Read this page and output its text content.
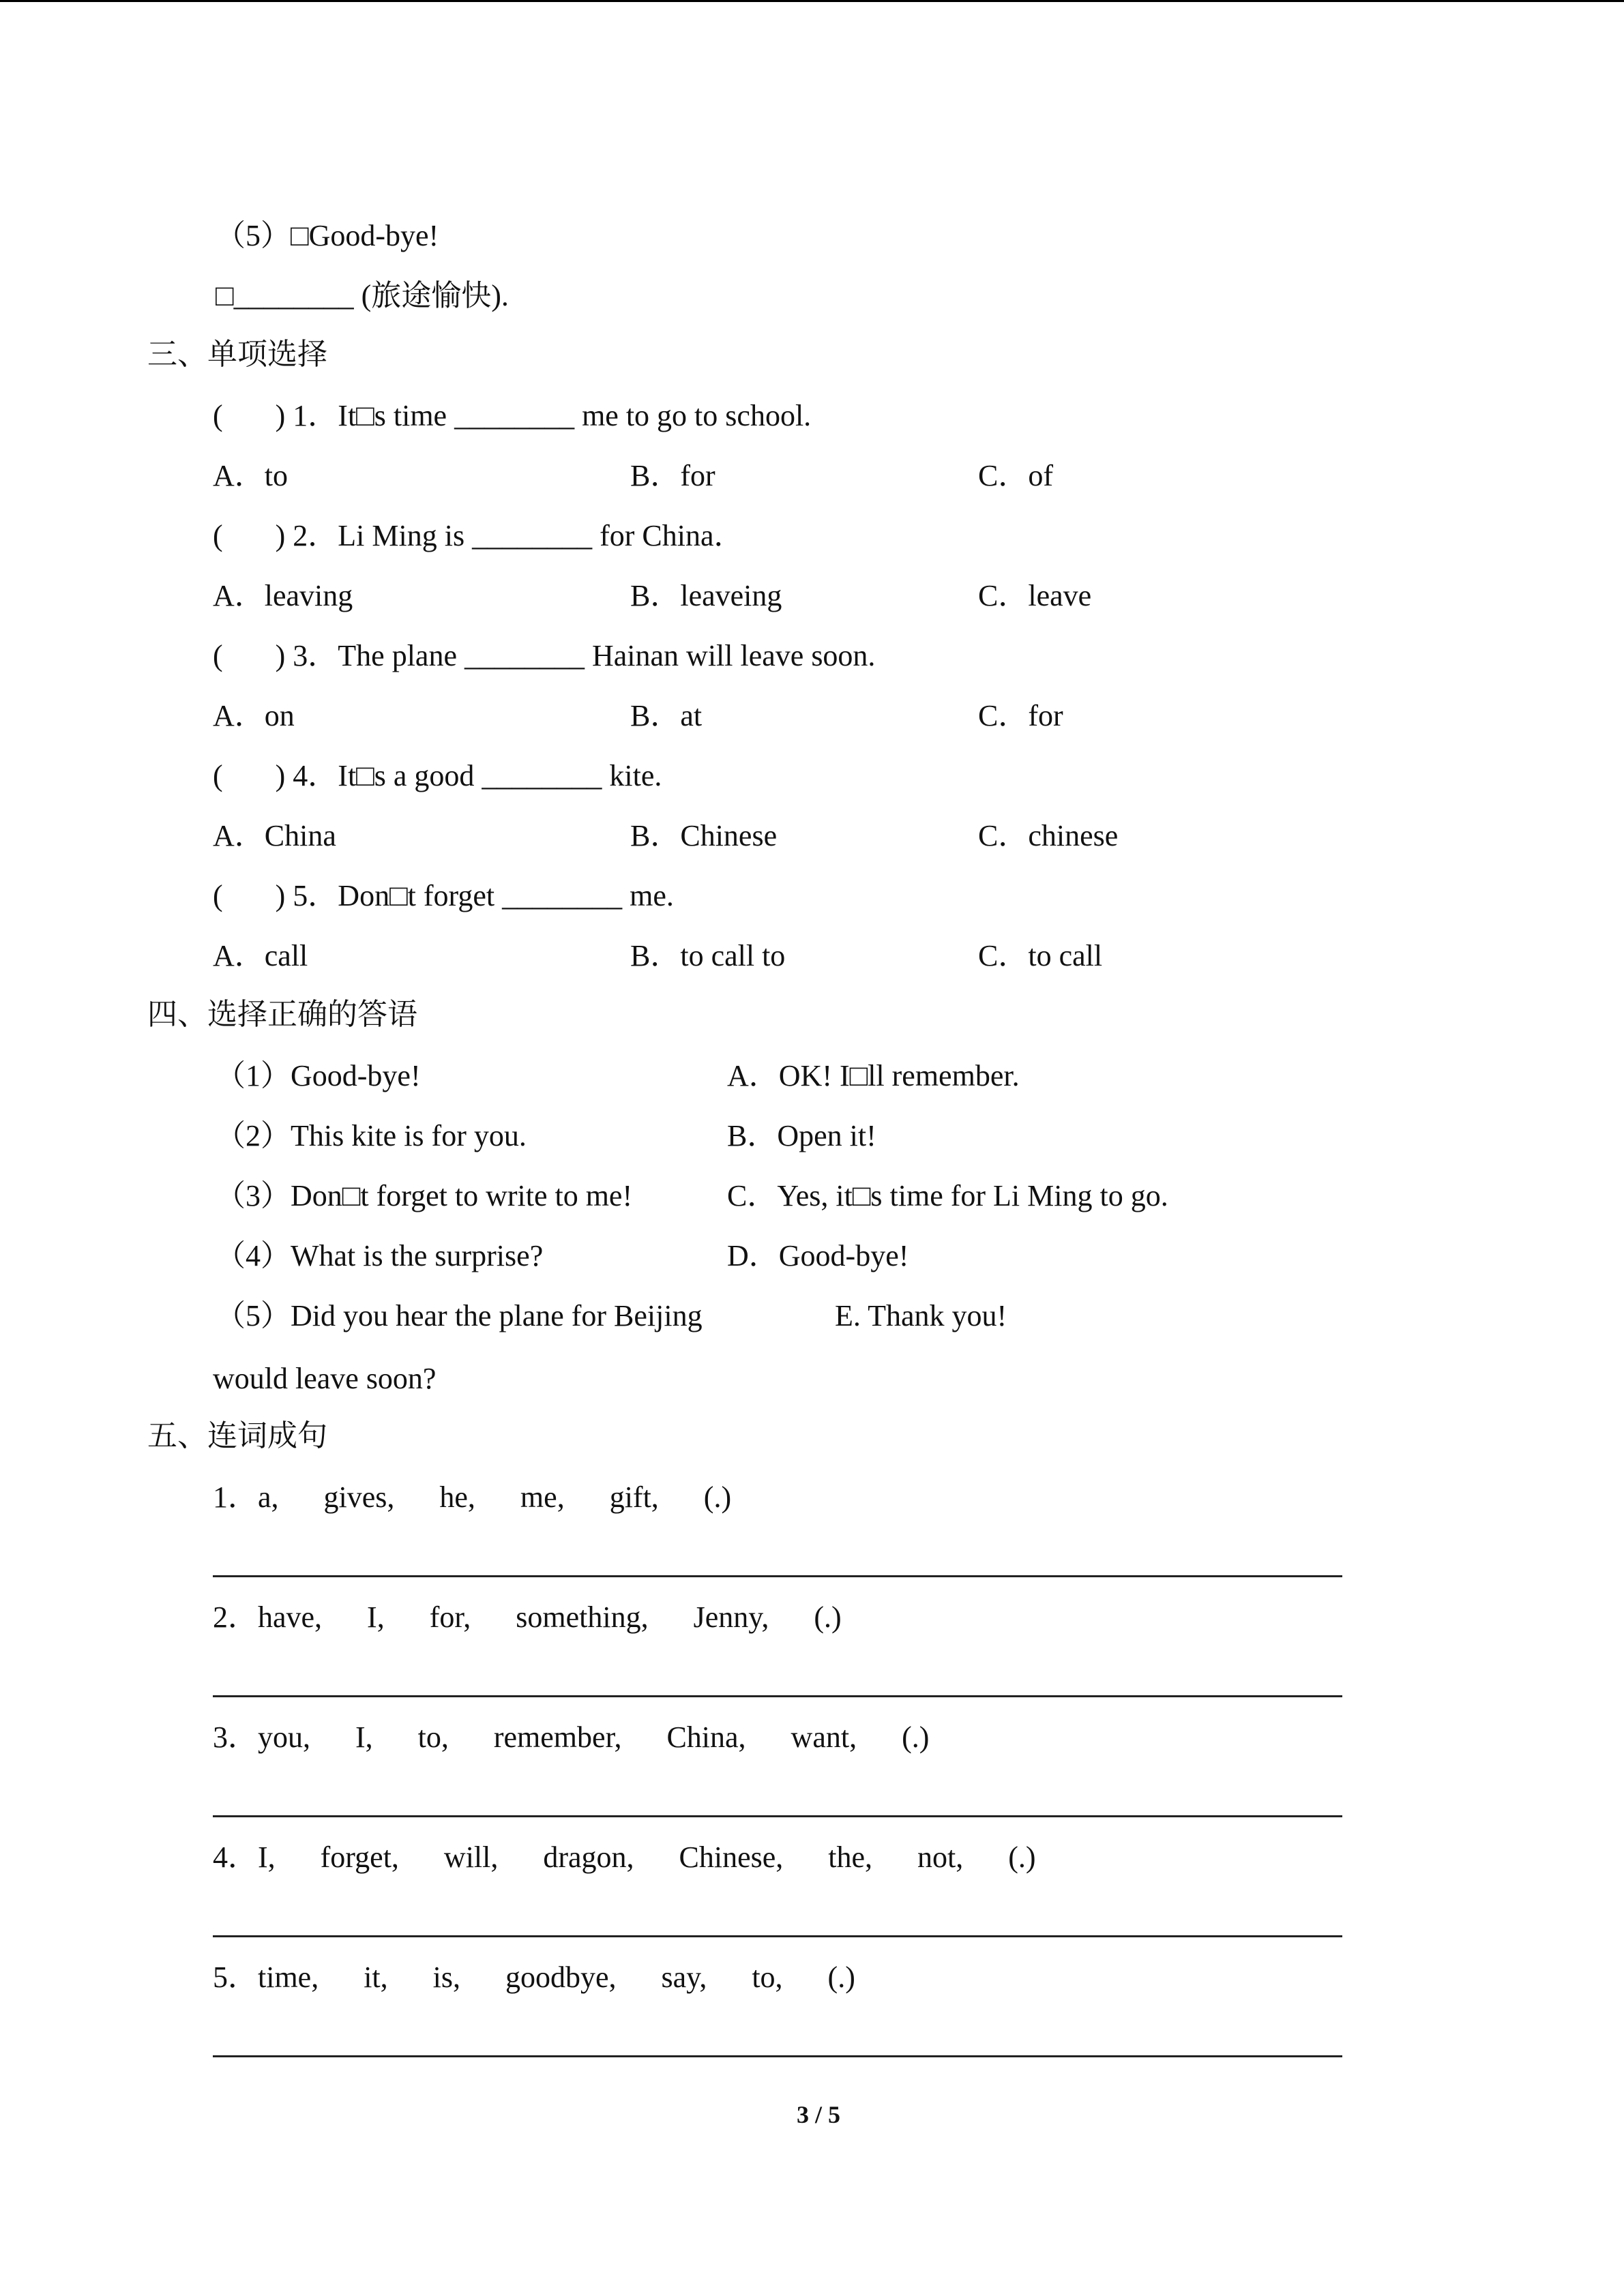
（5）□Good-bye!
□________ (旅途愉快).
三、单项选择
(       ) 1．It□s time ________ me to go to school.
A．to	B．for	C．of
(       ) 2．Li Ming is ________ for China．
A．leaving	B．leaveing	C．leave
(       ) 3．The plane ________ Hainan will leave soon.
A．on	B．at	C．for
(       ) 4．It□s a good ________ kite.
A．China	B．Chinese	C．chinese
(       ) 5．Don□t forget ________ me.
A．call	B．to call to	C．to call
四、选择正确的答语
（1）Good-bye!	A．OK! I□ll remember.
（2）This kite is for you.	B．Open it!
（3）Don□t forget to write to me!	C．Yes, it□s time for Li Ming to go.
（4）What is the surprise?	D．Good-bye!
（5）Did you hear the plane for Beijing	E. Thank you!
would leave soon?
五、连词成句
1．a,      gives,      he,      me,      gift,      (.)
2．have,      I,      for,      something,      Jenny,      (.)
3．you,      I,      to,      remember,      China,      want,      (.)
4．I,      forget,      will,      dragon,      Chinese,      the,      not,      (.)
5．time,      it,      is,      goodbye,      say,      to,      (.)
3 / 5
